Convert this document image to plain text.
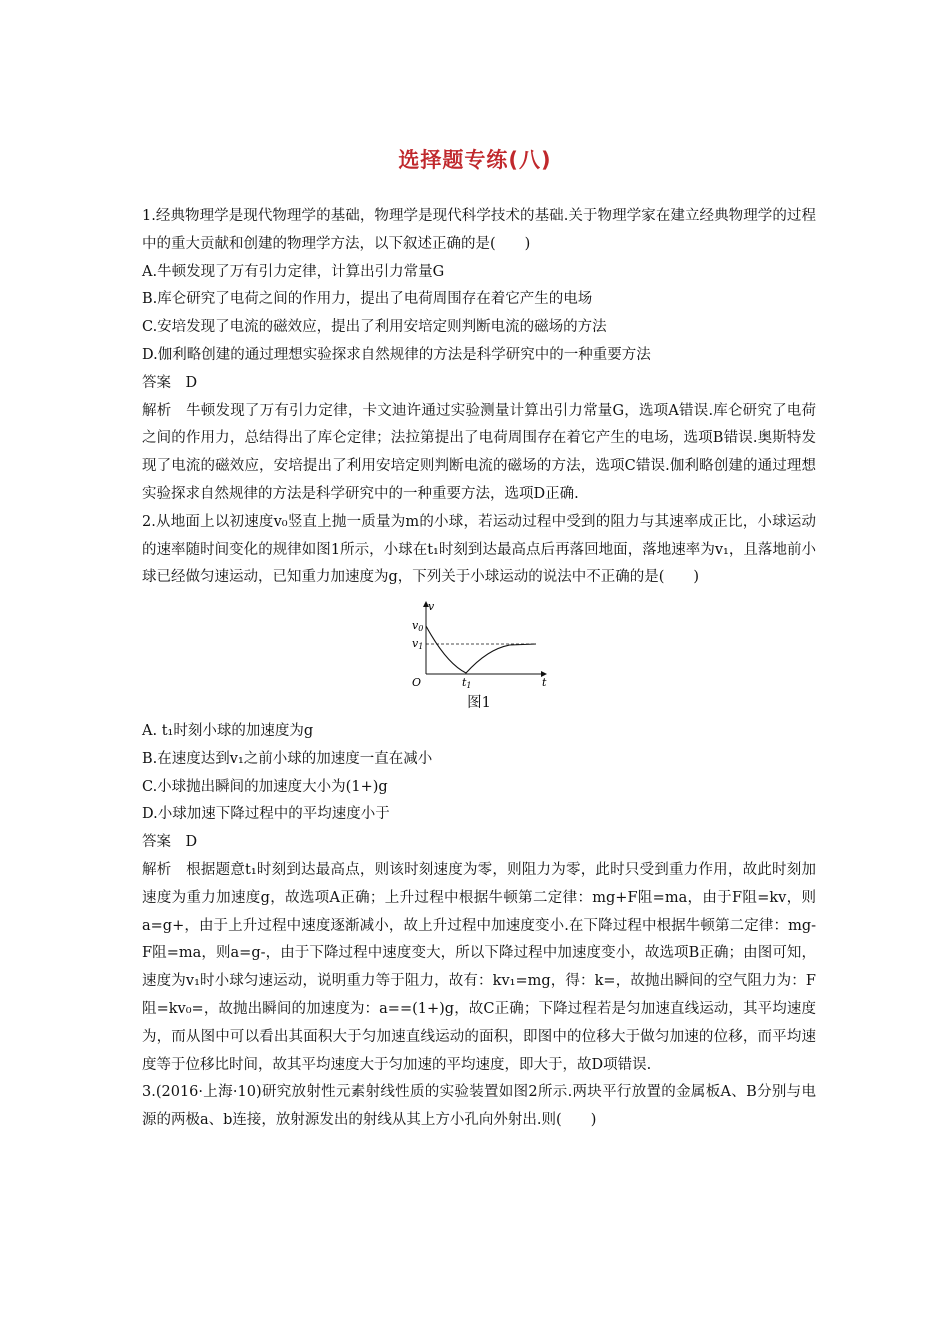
选择题专练(八)

1.经典物理学是现代物理学的基础，物理学是现代科学技术的基础.关于物理学家在建立经典物理学的过程中的重大贡献和创建的物理学方法，以下叙述正确的是(　　)

A.牛顿发现了万有引力定律，计算出引力常量G

B.库仑研究了电荷之间的作用力，提出了电荷周围存在着它产生的电场

C.安培发现了电流的磁效应，提出了利用安培定则判断电流的磁场的方法

D.伽利略创建的通过理想实验探求自然规律的方法是科学研究中的一种重要方法

答案　D

解析　牛顿发现了万有引力定律，卡文迪许通过实验测量计算出引力常量G，选项A错误.库仑研究了电荷之间的作用力，总结得出了库仑定律；法拉第提出了电荷周围存在着它产生的电场，选项B错误.奥斯特发现了电流的磁效应，安培提出了利用安培定则判断电流的磁场的方法，选项C错误.伽利略创建的通过理想实验探求自然规律的方法是科学研究中的一种重要方法，选项D正确.

2.从地面上以初速度v₀竖直上抛一质量为m的小球，若运动过程中受到的阻力与其速率成正比，小球运动的速率随时间变化的规律如图1所示，小球在t₁时刻到达最高点后再落回地面，落地速率为v₁，且落地前小球已经做匀速运动，已知重力加速度为g，下列关于小球运动的说法中不正确的是(　　)

v
t
O
v0
v1
t1
图1

A. t₁时刻小球的加速度为g

B.在速度达到v₁之前小球的加速度一直在减小

C.小球抛出瞬间的加速度大小为(1+)g

D.小球加速下降过程中的平均速度小于

答案　D

解析　根据题意t₁时刻到达最高点，则该时刻速度为零，则阻力为零，此时只受到重力作用，故此时刻加速度为重力加速度g，故选项A正确；上升过程中根据牛顿第二定律：mg+F阻=ma，由于F阻=kv，则a=g+，由于上升过程中速度逐渐减小，故上升过程中加速度变小.在下降过程中根据牛顿第二定律：mg-F阻=ma，则a=g-，由于下降过程中速度变大，所以下降过程中加速度变小，故选项B正确；由图可知，速度为v₁时小球匀速运动，说明重力等于阻力，故有：kv₁=mg，得：k=，故抛出瞬间的空气阻力为：F阻=kv₀=，故抛出瞬间的加速度为：a==(1+)g，故C正确；下降过程若是匀加速直线运动，其平均速度为，而从图中可以看出其面积大于匀加速直线运动的面积，即图中的位移大于做匀加速的位移，而平均速度等于位移比时间，故其平均速度大于匀加速的平均速度，即大于，故D项错误.

3.(2016·上海·10)研究放射性元素射线性质的实验装置如图2所示.两块平行放置的金属板A、B分别与电源的两极a、b连接，放射源发出的射线从其上方小孔向外射出.则(　　)
